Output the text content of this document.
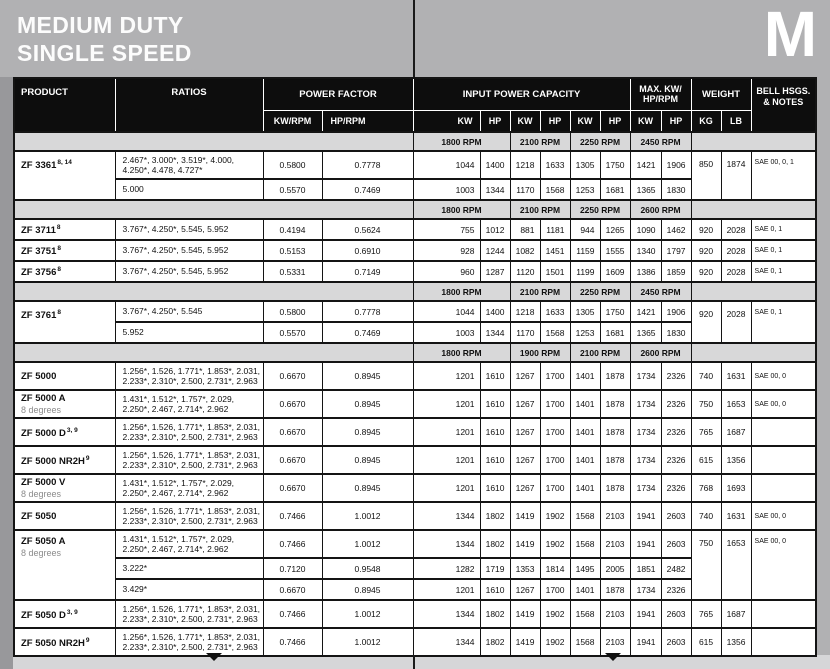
MEDIUM DUTY
SINGLE SPEED	M
PRODUCT	RATIOS	POWER FACTOR	INPUT POWER CAPACITY	MAX. KW/
HP/RPM	WEIGHT	BELL HSGS.
& NOTES

		KW/RPM	HP/RPM	KW	HP	KW	HP	KW	HP	KW	HP	KG	LB	
				1800 RPM		2100 RPM		2250 RPM		2450 RPM				
ZF 3361$^{8, 14}$	2.467*, 3.000*, 3.519*, 4.000,
4.250*, 4.478, 4.727*	0.5800	0.7778	1044	1400	1218	1633	1305	1750	1421	1906	850	1874	SAE 00, 0, 1
	5.000	0.5570	0.7469	1003	1344	1170	1568	1253	1681	1365	1830			
				1800 RPM		2100 RPM		2250 RPM		2600 RPM				
ZF 3711$^8$	3.767*, 4.250*, 5.545, 5.952	0.4194	0.5624	755	1012	881	1181	944	1265	1090	1462	920	2028	SAE 0, 1
ZF 3751$^8$	3.767*, 4.250*, 5.545, 5.952	0.5153	0.6910	928	1244	1082	1451	1159	1555	1340	1797	920	2028	SAE 0, 1
ZF 3756$^8$	3.767*, 4.250*, 5.545, 5.952	0.5331	0.7149	960	1287	1120	1501	1199	1609	1386	1859	920	2028	SAE 0, 1
				1800 RPM		2100 RPM		2250 RPM		2450 RPM				
ZF 3761$^8$	3.767*, 4.250*, 5.545	0.5800	0.7778	1044	1400	1218	1633	1305	1750	1421	1906	920	2028	SAE 0, 1
	5.952	0.5570	0.7469	1003	1344	1170	1568	1253	1681	1365	1830			
				1800 RPM		1900 RPM		2100 RPM		2600 RPM				
ZF 5000	1.256*, 1.526, 1.771*, 1.853*, 2.031,
2.233*, 2.310*, 2.500, 2.731*, 2.963	0.6670	0.8945	1201	1610	1267	1700	1401	1878	1734	2326	740	1631	SAE 00, 0
ZF 5000 A
8 degrees	1.431*, 1.512*, 1.757*, 2.029,
2.250*, 2.467, 2.714*, 2.962	0.6670	0.8945	1201	1610	1267	1700	1401	1878	1734	2326	750	1653	SAE 00, 0
ZF 5000 D$^{3, 9}$	1.256*, 1.526, 1.771*, 1.853*, 2.031,
2.233*, 2.310*, 2.500, 2.731*, 2.963	0.6670	0.8945	1201	1610	1267	1700	1401	1878	1734	2326	765	1687	
ZF 5000 $NR2H^9$	1.256*, 1.526, 1.771*, 1.853*, 2.031,
2.233*, 2.310*, 2.500, 2.731*, 2.963	0.6670	0.8945	1201	1610	1267	1700	1401	1878	1734	2326	615	1356	
ZF 5000 V
8 degrees	1.431*, 1.512*, 1.757*, 2.029,
2.250*, 2.467, 2.714*, 2.962	0.6670	0.8945	1201	1610	1267	1700	1401	1878	1734	2326	768	1693	
ZF 5050	1.256*, 1.526, 1.771*, 1.853*, 2.031,
2.233*, 2.310*, 2.500, 2.731*, 2.963	0.7466	1.0012	1344	1802	1419	1902	1568	2103	1941	2603	740	1631	SAE 00, 0
ZF 5050 A
8 degrees	1.431*, 1.512*, 1.757*, 2.029,
2.250*, 2.467, 2.714*, 2.962	0.7466	1.0012	1344	1802	1419	1902	1568	2103	1941	2603	750	1653	SAE 00, 0
	3.222*	0.7120	0.9548	1282	1719	1353	1814	1495	2005	1851	2482			
	3.429*	0.6670	0.8945	1201	1610	1267	1700	1401	1878	1734	2326			
ZF 5050 D$^{3, 9}$	1.256*, 1.526, 1.771*, 1.853*, 2.031,
2.233*, 2.310*, 2.500, 2.731*, 2.963	0.7466	1.0012	1344	1802	1419	1902	1568	2103	1941	2603	765	1687	
ZF 5050 $NR2H^9$	1.256*, 1.526, 1.771*, 1.853*, 2.031,
2.233*, 2.310*, 2.500, 2.731*, 2.963	0.7466	1.0012	1344	1802	1419	1902	1568	2103	1941	2603	615	1356	
